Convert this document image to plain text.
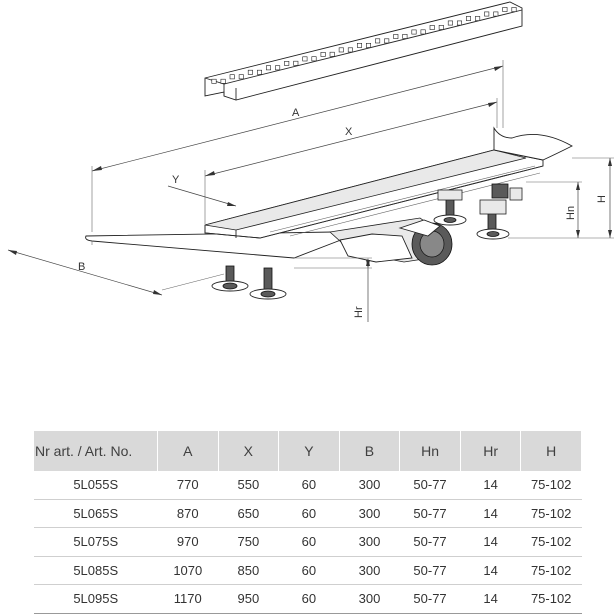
A
X
Y
B
Hr
Hn
H
Nr art. / Art. No.	A	X	Y	B	Hn	Hr	H
5L055S	770	550	60	300	50-77	14	75-102
5L065S	870	650	60	300	50-77	14	75-102
5L075S	970	750	60	300	50-77	14	75-102
5L085S	1070	850	60	300	50-77	14	75-102
5L095S	1170	950	60	300	50-77	14	75-102
